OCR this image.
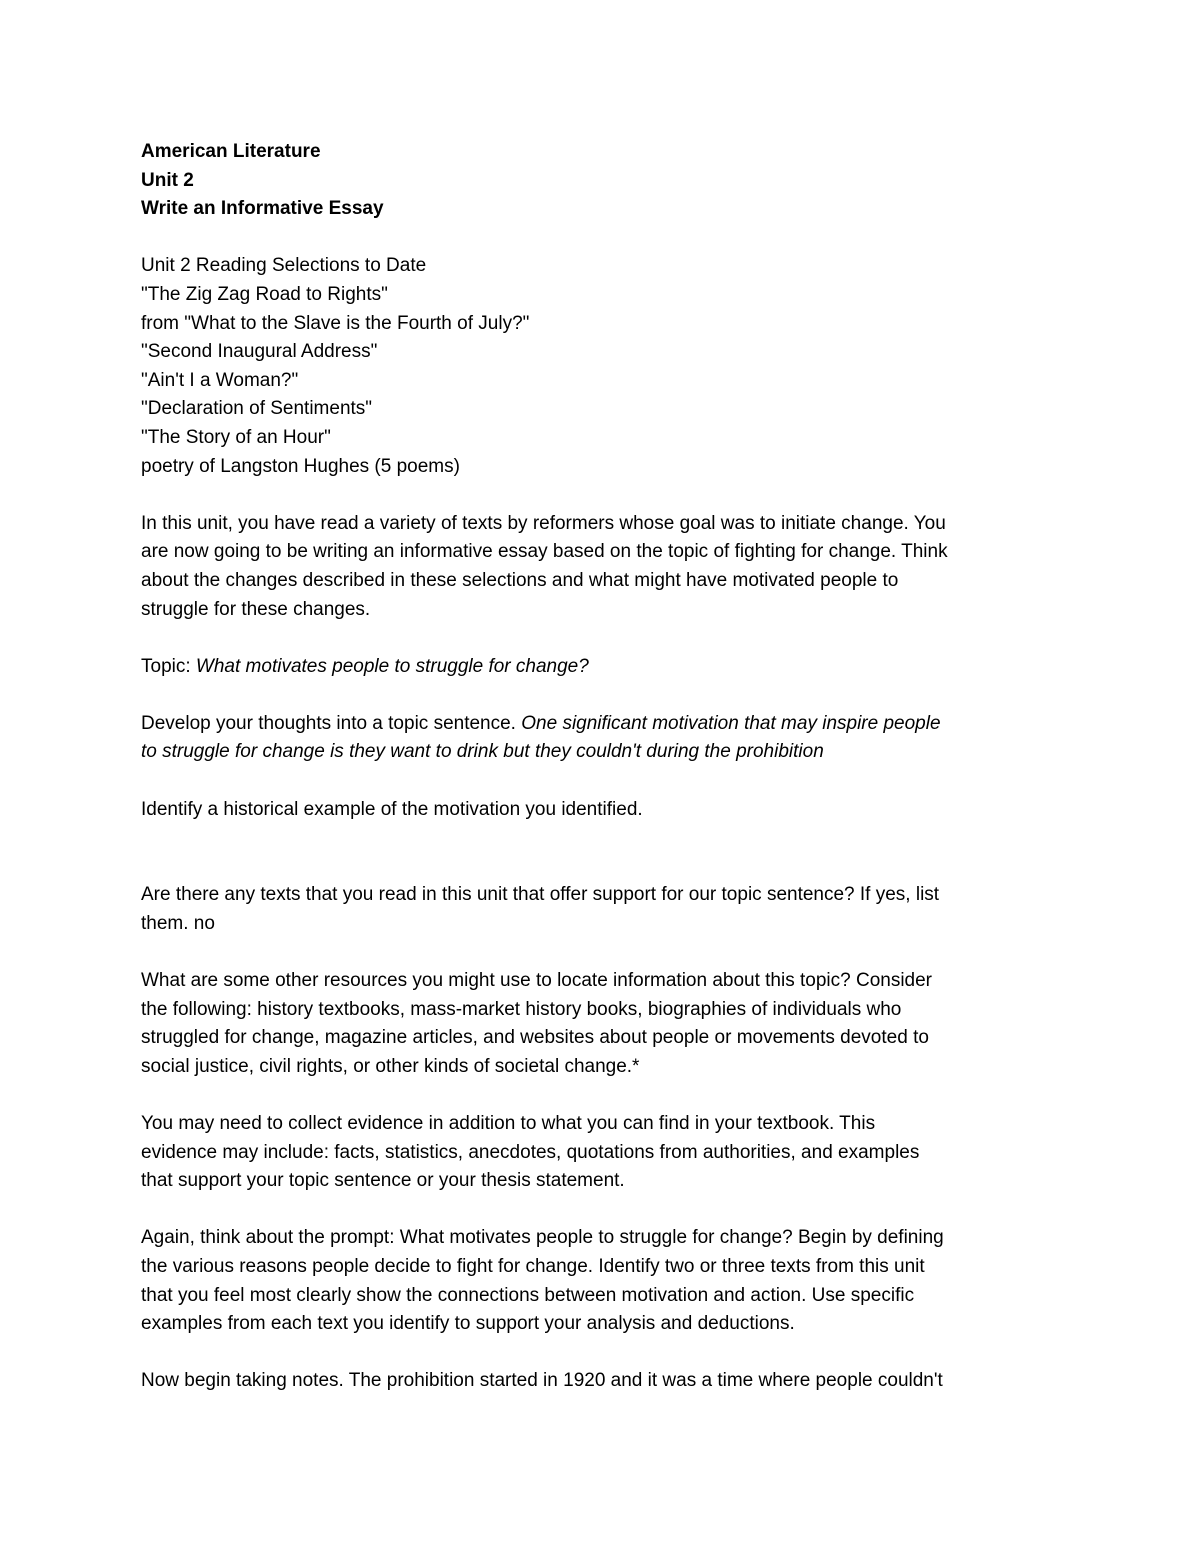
American Literature
Unit 2
Write an Informative Essay
Unit 2 Reading Selections to Date
"The Zig Zag Road to Rights"
from "What to the Slave is the Fourth of July?"
"Second Inaugural Address"
"Ain't I a Woman?"
"Declaration of Sentiments"
"The Story of an Hour"
poetry of Langston Hughes (5 poems)
In this unit, you have read a variety of texts by reformers whose goal was to initiate change. You
are now going to be writing an informative essay based on the topic of fighting for change. Think
about the changes described in these selections and what might have motivated people to
struggle for these changes.
Topic: What motivates people to struggle for change?
Develop your thoughts into a topic sentence. One significant motivation that may inspire people
to struggle for change is they want to drink but they couldn't during the prohibition
Identify a historical example of the motivation you identified.
Are there any texts that you read in this unit that offer support for our topic sentence? If yes, list
them. no
What are some other resources you might use to locate information about this topic? Consider
the following: history textbooks, mass-market history books, biographies of individuals who
struggled for change, magazine articles, and websites about people or movements devoted to
social justice, civil rights, or other kinds of societal change.*
You may need to collect evidence in addition to what you can find in your textbook. This
evidence may include: facts, statistics, anecdotes, quotations from authorities, and examples
that support your topic sentence or your thesis statement.
Again, think about the prompt: What motivates people to struggle for change? Begin by defining
the various reasons people decide to fight for change. Identify two or three texts from this unit
that you feel most clearly show the connections between motivation and action. Use specific
examples from each text you identify to support your analysis and deductions.
Now begin taking notes. The prohibition started in 1920 and it was a time where people couldn't
